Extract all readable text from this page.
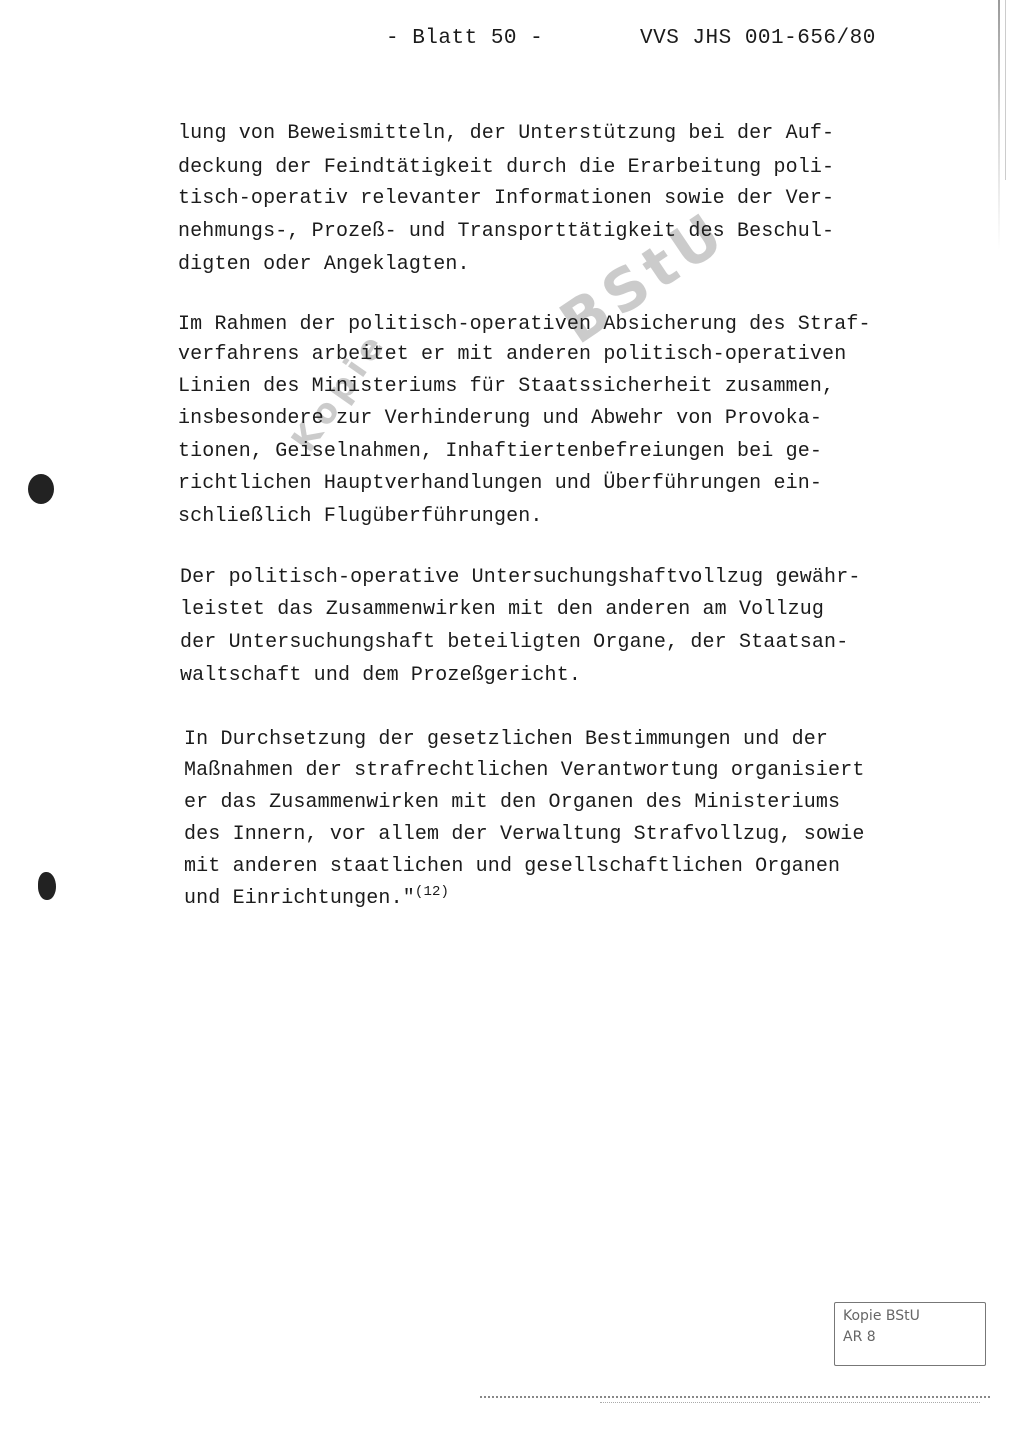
- Blatt 50 -	VVS JHS 001-656/80
BStU
Kopie
lung von Beweismitteln, der Unterstützung bei der Auf-
deckung der Feindtätigkeit durch die Erarbeitung poli-
tisch-operativ relevanter Informationen sowie der Ver-
nehmungs-, Prozeß- und Transporttätigkeit des Beschul-
digten oder Angeklagten.
Im Rahmen der politisch-operativen Absicherung des Straf-
verfahrens arbeitet er mit anderen politisch-operativen
Linien des Ministeriums für Staatssicherheit zusammen,
insbesondere zur Verhinderung und Abwehr von Provoka-
tionen, Geiselnahmen, Inhaftiertenbefreiungen bei ge-
richtlichen Hauptverhandlungen und Überführungen ein-
schließlich Flugüberführungen.
Der politisch-operative Untersuchungshaftvollzug gewähr-
leistet das Zusammenwirken mit den anderen am Vollzug
der Untersuchungshaft beteiligten Organe, der Staatsan-
waltschaft und dem Prozeßgericht.
In Durchsetzung der gesetzlichen Bestimmungen und der
Maßnahmen der strafrechtlichen Verantwortung organisiert
er das Zusammenwirken mit den Organen des Ministeriums
des Innern, vor allem der Verwaltung Strafvollzug, sowie
mit anderen staatlichen und gesellschaftlichen Organen
und Einrichtungen."$^{(12)}$
Kopie BStU
AR 8
